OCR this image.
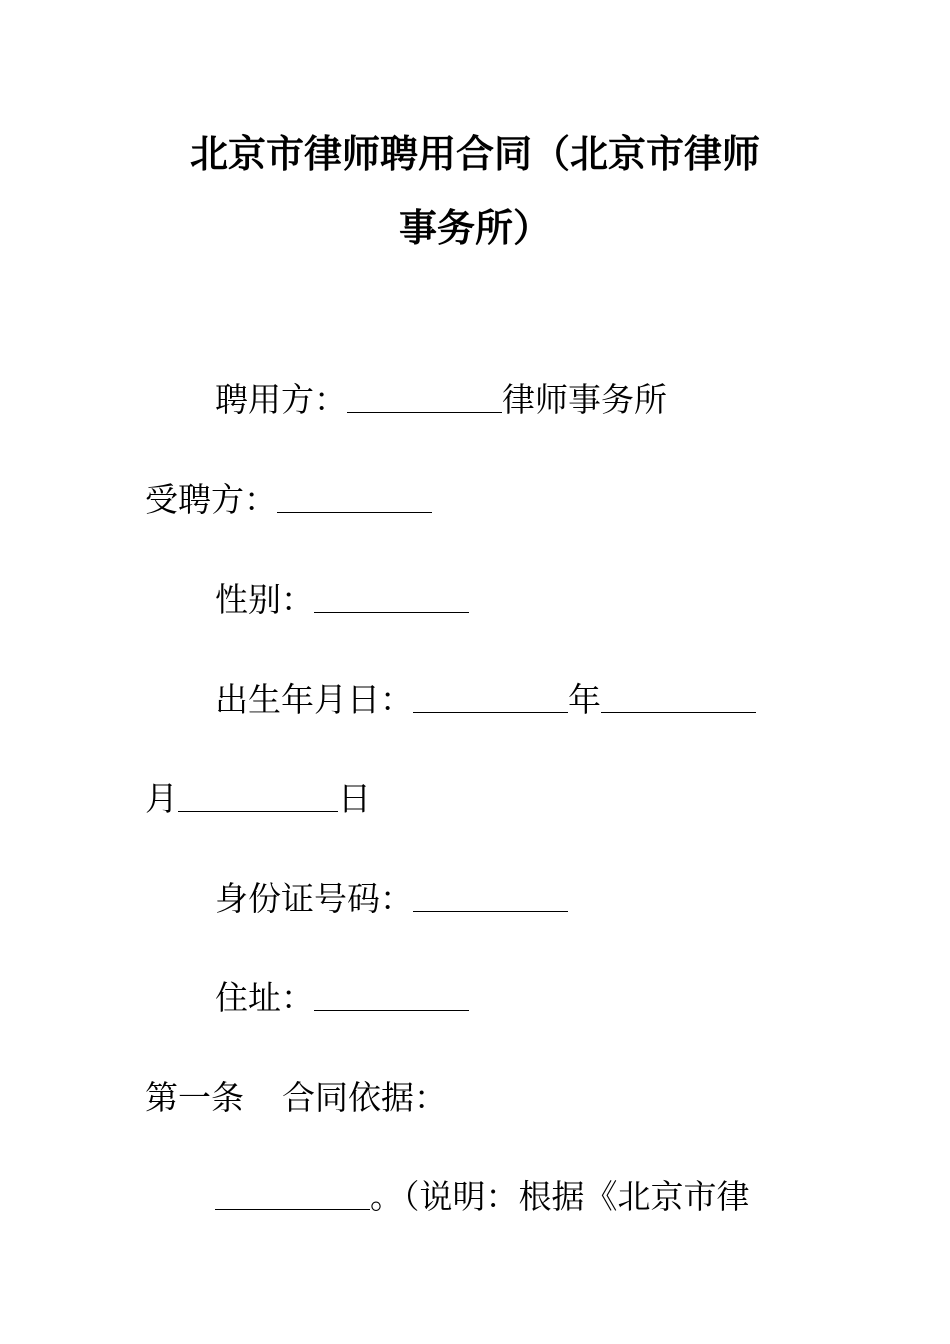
北京市律师聘用合同（北京市律师
事务所）
聘用方：	律师事务所
受聘方：
性别：
出生年月日：	年
月	日
身份证号码：
住址：
第一条 合同依据：
。（说明：根据《北京市律
